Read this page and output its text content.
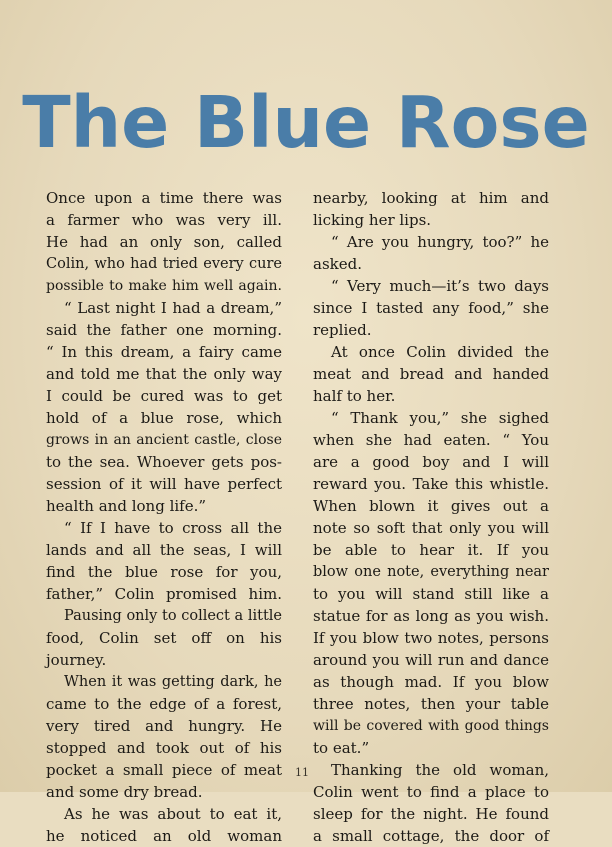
The Blue Rose
Once upon a time there was
a farmer who was very ill.
He had an only son, called
Colin, who had tried every cure
possible to make him well again.
“ Last night I had a dream,”
said the father one morning.
“ In this dream, a fairy came
and told me that the only way
I could be cured was to get
hold of a blue rose, which
grows in an ancient castle, close
to the sea. Whoever gets pos-
session of it will have perfect
health and long life.”
“ If I have to cross all the
lands and all the seas, I will
find the blue rose for you,
father,” Colin promised him.
Pausing only to collect a little
food, Colin set off on his
journey.
When it was getting dark, he
came to the edge of a forest,
very tired and hungry. He
stopped and took out of his
pocket a small piece of meat
and some dry bread.
As he was about to eat it,
he noticed an old woman
nearby, looking at him and
licking her lips.
“ Are you hungry, too?” he
asked.
“ Very much—it’s two days
since I tasted any food,” she
replied.
At once Colin divided the
meat and bread and handed
half to her.
“ Thank you,” she sighed
when she had eaten. “ You
are a good boy and I will
reward you. Take this whistle.
When blown it gives out a
note so soft that only you will
be able to hear it. If you
blow one note, everything near
to you will stand still like a
statue for as long as you wish.
If you blow two notes, persons
around you will run and dance
as though mad. If you blow
three notes, then your table
will be covered with good things
to eat.”
Thanking the old woman,
Colin went to find a place to
sleep for the night. He found
a small cottage, the door of
11
